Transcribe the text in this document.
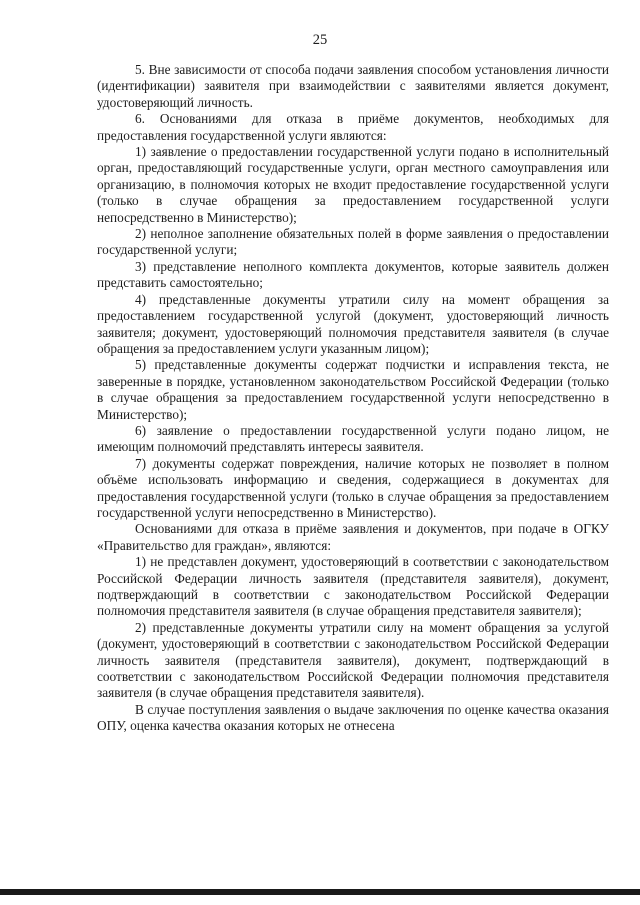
25

5. Вне зависимости от способа подачи заявления способом установления личности (идентификации) заявителя при взаимодействии с заявителями является документ, удостоверяющий личность.

6. Основаниями для отказа в приёме документов, необходимых для предоставления государственной услуги являются:

1) заявление о предоставлении государственной услуги подано в исполнительный орган, предоставляющий государственные услуги, орган местного самоуправления или организацию, в полномочия которых не входит предоставление государственной услуги (только в случае обращения за предоставлением государственной услуги непосредственно в Министерство);

2) неполное заполнение обязательных полей в форме заявления о предоставлении государственной услуги;

3) представление неполного комплекта документов, которые заявитель должен представить самостоятельно;

4) представленные документы утратили силу на момент обращения за предоставлением государственной услугой (документ, удостоверяющий личность заявителя; документ, удостоверяющий полномочия представителя заявителя (в случае обращения за предоставлением услуги указанным лицом);

5) представленные документы содержат подчистки и исправления текста, не заверенные в порядке, установленном законодательством Российской Федерации (только в случае обращения за предоставлением государственной услуги непосредственно в Министерство);

6) заявление о предоставлении государственной услуги подано лицом, не имеющим полномочий представлять интересы заявителя.

7) документы содержат повреждения, наличие которых не позволяет в полном объёме использовать информацию и сведения, содержащиеся в документах для предоставления государственной услуги (только в случае обращения за предоставлением государственной услуги непосредственно в Министерство).

Основаниями для отказа в приёме заявления и документов, при подаче в ОГКУ «Правительство для граждан», являются:

1) не представлен документ, удостоверяющий в соответствии с законодательством Российской Федерации личность заявителя (представителя заявителя), документ, подтверждающий в соответствии с законодательством Российской Федерации полномочия представителя заявителя (в случае обращения представителя заявителя);

2) представленные документы утратили силу на момент обращения за услугой (документ, удостоверяющий в соответствии с законодательством Российской Федерации личность заявителя (представителя заявителя), документ, подтверждающий в соответствии с законодательством Российской Федерации полномочия представителя заявителя (в случае обращения представителя заявителя).

В случае поступления заявления о выдаче заключения по оценке качества оказания ОПУ, оценка качества оказания которых не отнесена
